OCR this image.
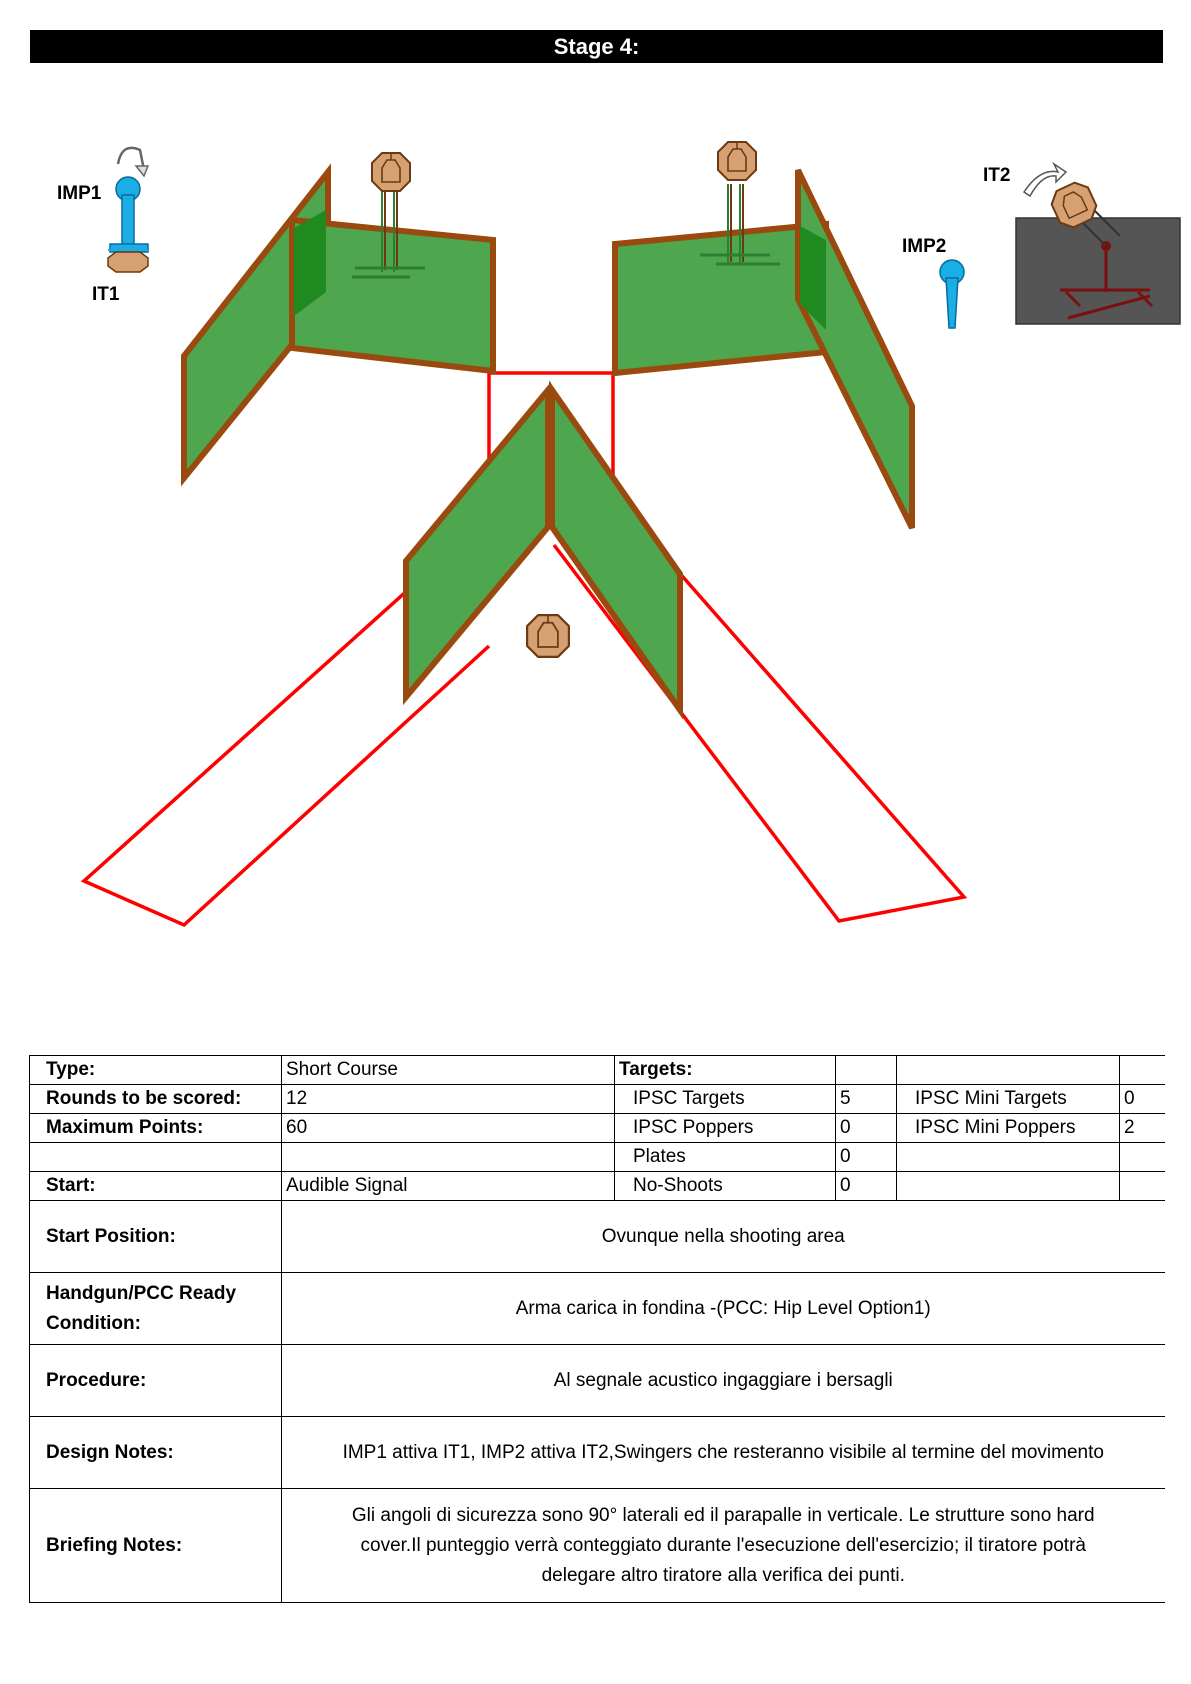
Stage 4:
IMP1
IT1
IMP2
IT2
Type:	Short Course	Targets:			
Rounds to be scored:	12	IPSC Targets	5	IPSC Mini Targets	0
Maximum Points:	60	IPSC Poppers	0	IPSC Mini Poppers	2
		Plates	0		
Start:	Audible Signal	No-Shoots	0		
Start Position:	Ovunque nella shooting area				
Handgun/PCC Ready Condition:	Arma carica in fondina -(PCC: Hip Level Option1)				
Procedure:	Al segnale acustico ingaggiare i bersagli				
Design Notes:	IMP1 attiva IT1, IMP2 attiva IT2,Swingers che resteranno visibile al termine del movimento				
Briefing Notes:	Gli angoli di sicurezza sono 90° laterali ed il parapalle in verticale. Le strutture sono hard cover.Il punteggio verrà conteggiato durante l'esecuzione dell'esercizio; il tiratore potrà delegare altro tiratore alla verifica dei punti.				
